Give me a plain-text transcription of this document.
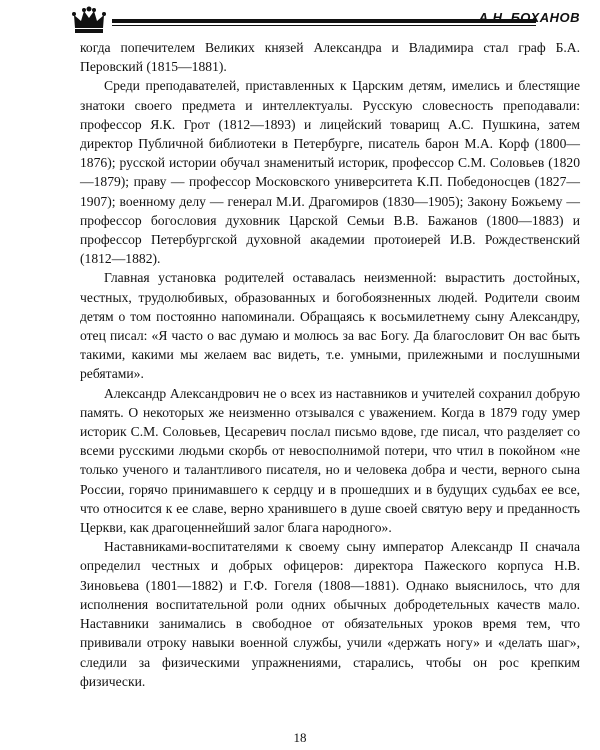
А.Н. БОХАНОВ

когда попечителем Великих князей Александра и Владимира стал граф Б.А. Перовский (1815—1881).

Среди преподавателей, приставленных к Царским детям, имелись и блестящие знатоки своего предмета и интеллектуалы. Русскую словесность преподавали: профессор Я.К. Грот (1812—1893) и лицейский товарищ А.С. Пушкина, затем директор Публичной библиотеки в Петербурге, писатель барон М.А. Корф (1800—1876); русской истории обучал знаменитый историк, профессор С.М. Соловьев (1820—1879); праву — профессор Московского университета К.П. Победоносцев (1827—1907); военному делу — генерал М.И. Драгомиров (1830—1905); Закону Божьему — профессор богословия духовник Царской Семьи В.В. Бажанов (1800—1883) и профессор Петербургской духовной академии протоиерей И.В. Рождественский (1812—1882).

Главная установка родителей оставалась неизменной: вырастить достойных, честных, трудолюбивых, образованных и богобоязненных людей. Родители своим детям о том постоянно напоминали. Обращаясь к восьмилетнему сыну Александру, отец писал: «Я часто о вас думаю и молюсь за вас Богу. Да благословит Он вас быть такими, какими мы желаем вас видеть, т.е. умными, прилежными и послушными ребятами».

Александр Александрович не о всех из наставников и учителей сохранил добрую память. О некоторых же неизменно отзывался с уважением. Когда в 1879 году умер историк С.М. Соловьев, Цесаревич послал письмо вдове, где писал, что разделяет со всеми русскими людьми скорбь от невосполнимой потери, что чтил в покойном «не только ученого и талантливого писателя, но и человека добра и чести, верного сына России, горячо принимавшего к сердцу и в прошедших и в будущих судьбах ее все, что относится к ее славе, верно хранившего в душе своей святую веру и преданность Церкви, как драгоценнейший залог блага народного».

Наставниками-воспитателями к своему сыну император Александр II сначала определил честных и добрых офицеров: директора Пажеского корпуса Н.В. Зиновьева (1801—1882) и Г.Ф. Гогеля (1808—1881). Однако выяснилось, что для исполнения воспитательной роли одних обычных добродетельных качеств мало. Наставники занимались в свободное от обязательных уроков время тем, что прививали отроку навыки военной службы, учили «держать ногу» и «делать шаг», следили за физическими упражнениями, старались, чтобы он рос крепким физически.

18
